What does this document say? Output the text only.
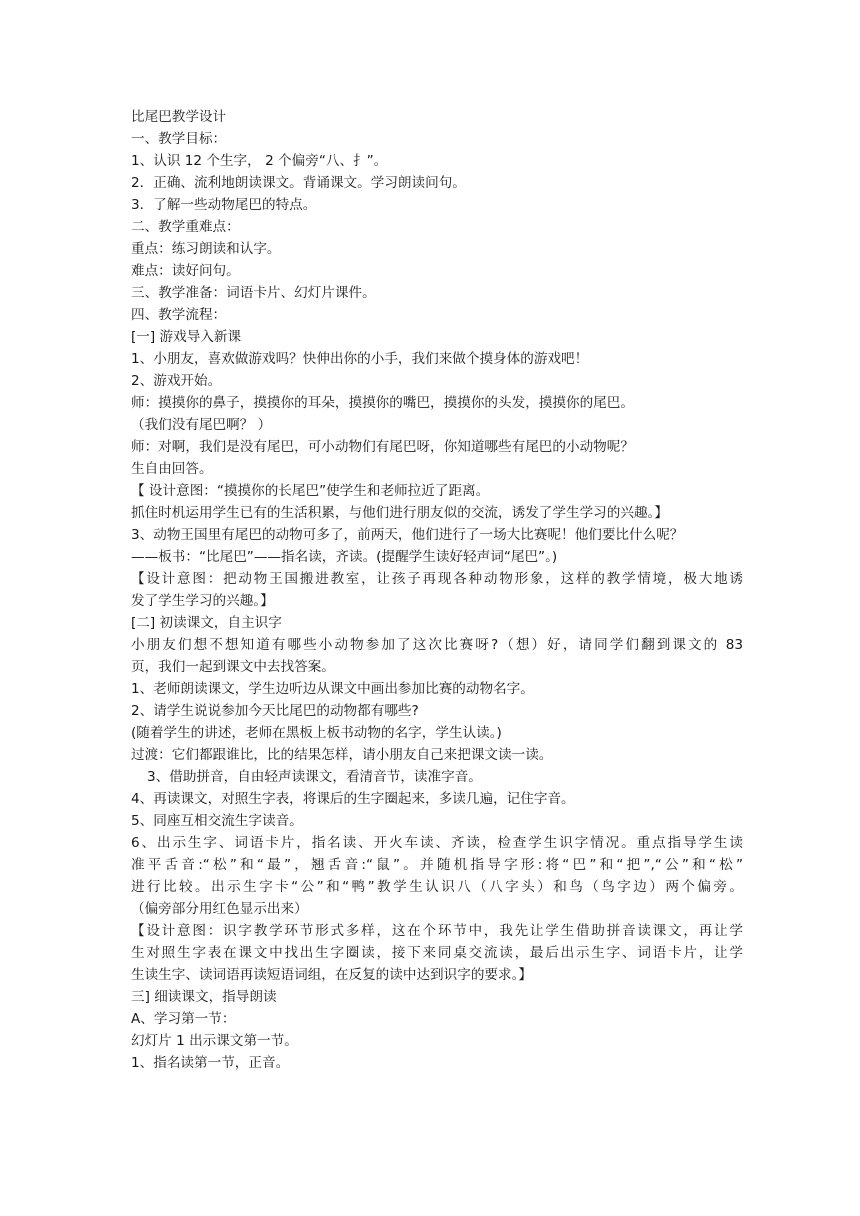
比尾巴教学设计
一、教学目标：
1、认识 12 个生字， 2 个偏旁“八、扌”。
2．正确、流利地朗读课文。背诵课文。学习朗读问句。
3．了解一些动物尾巴的特点。
二、教学重难点：
重点：练习朗读和认字。
难点：读好问句。
三、教学准备：词语卡片、幻灯片课件。
四、教学流程：
[一] 游戏导入新课
1、小朋友，喜欢做游戏吗？快伸出你的小手，我们来做个摸身体的游戏吧！
2、游戏开始。
师：摸摸你的鼻子，摸摸你的耳朵，摸摸你的嘴巴，摸摸你的头发，摸摸你的尾巴。
（我们没有尾巴啊？ ）
师：对啊，我们是没有尾巴，可小动物们有尾巴呀，你知道哪些有尾巴的小动物呢？
生自由回答。
【 设计意图：“摸摸你的长尾巴”使学生和老师拉近了距离。
抓住时机运用学生已有的生活积累，与他们进行朋友似的交流，诱发了学生学习的兴趣。】
3、动物王国里有尾巴的动物可多了，前两天，他们进行了一场大比赛呢！他们要比什么呢？
——板书：“比尾巴”——指名读，齐读。(提醒学生读好轻声词“尾巴”。)
【设计意图：把动物王国搬进教室，让孩子再现各种动物形象，这样的教学情境，极大地诱
发了学生学习的兴趣。】
[二] 初读课文，自主识字
小朋友们想不想知道有哪些小动物参加了这次比赛呀?（想）好，请同学们翻到课文的 83
页，我们一起到课文中去找答案。
1、老师朗读课文，学生边听边从课文中画出参加比赛的动物名字。
2、请学生说说参加今天比尾巴的动物都有哪些?
(随着学生的讲述，老师在黑板上板书动物的名字，学生认读。)
过渡：它们都跟谁比，比的结果怎样，请小朋友自己来把课文读一读。
3、借助拼音，自由轻声读课文，看清音节，读准字音。
4、再读课文，对照生字表，将课后的生字圈起来，多读几遍，记住字音。
5、同座互相交流生字读音。
6、出示生字、词语卡片，指名读、开火车读、齐读，检查学生识字情况。重点指导学生读
准平舌音:“松”和“最”，翘舌音:“鼠”。并随机指导字形:将“巴”和“把”,“公”和“松”
进行比较。出示生字卡“公”和“鸭”教学生认识八（八字头）和鸟（鸟字边）两个偏旁。
（偏旁部分用红色显示出来）
【设计意图：识字教学环节形式多样，这在个环节中，我先让学生借助拼音读课文，再让学
生对照生字表在课文中找出生字圈读，接下来同桌交流读，最后出示生字、词语卡片，让学
生读生字、读词语再读短语词组，在反复的读中达到识字的要求。】
三] 细读课文，指导朗读
A、学习第一节：
幻灯片 1 出示课文第一节。
1、指名读第一节，正音。
